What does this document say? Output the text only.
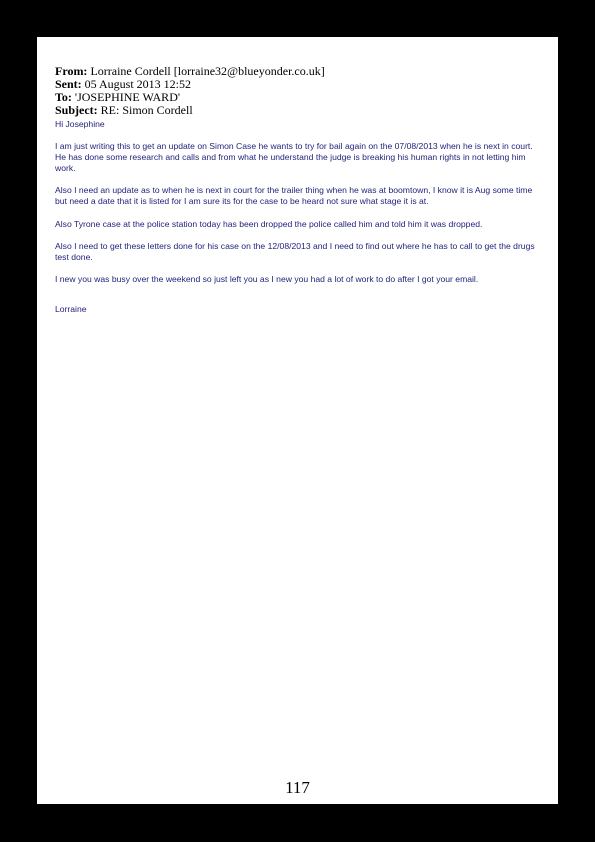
From: Lorraine Cordell [lorraine32@blueyonder.co.uk]
Sent: 05 August 2013 12:52
To: 'JOSEPHINE WARD'
Subject: RE: Simon Cordell

Hi Josephine

I am just writing this to get an update on Simon Case he wants to try for bail again on the 07/08/2013 when he is next in court. He has done some research and calls and from what he understand the judge is breaking his human rights in not letting him work.

Also I need an update as to when he is next in court for the trailer thing when he was at boomtown, I know it is Aug some time but need a date that it is listed for I am sure its for the case to be heard not sure what stage it is at.

Also Tyrone case at the police station today has been dropped the police called him and told him it was dropped.

Also I need to get these letters done for his case on the 12/08/2013 and I need to find out where he has to call to get the drugs test done.

I new you was busy over the weekend so just left you as I new you had a lot of work to do after I got your email.

Lorraine

117
